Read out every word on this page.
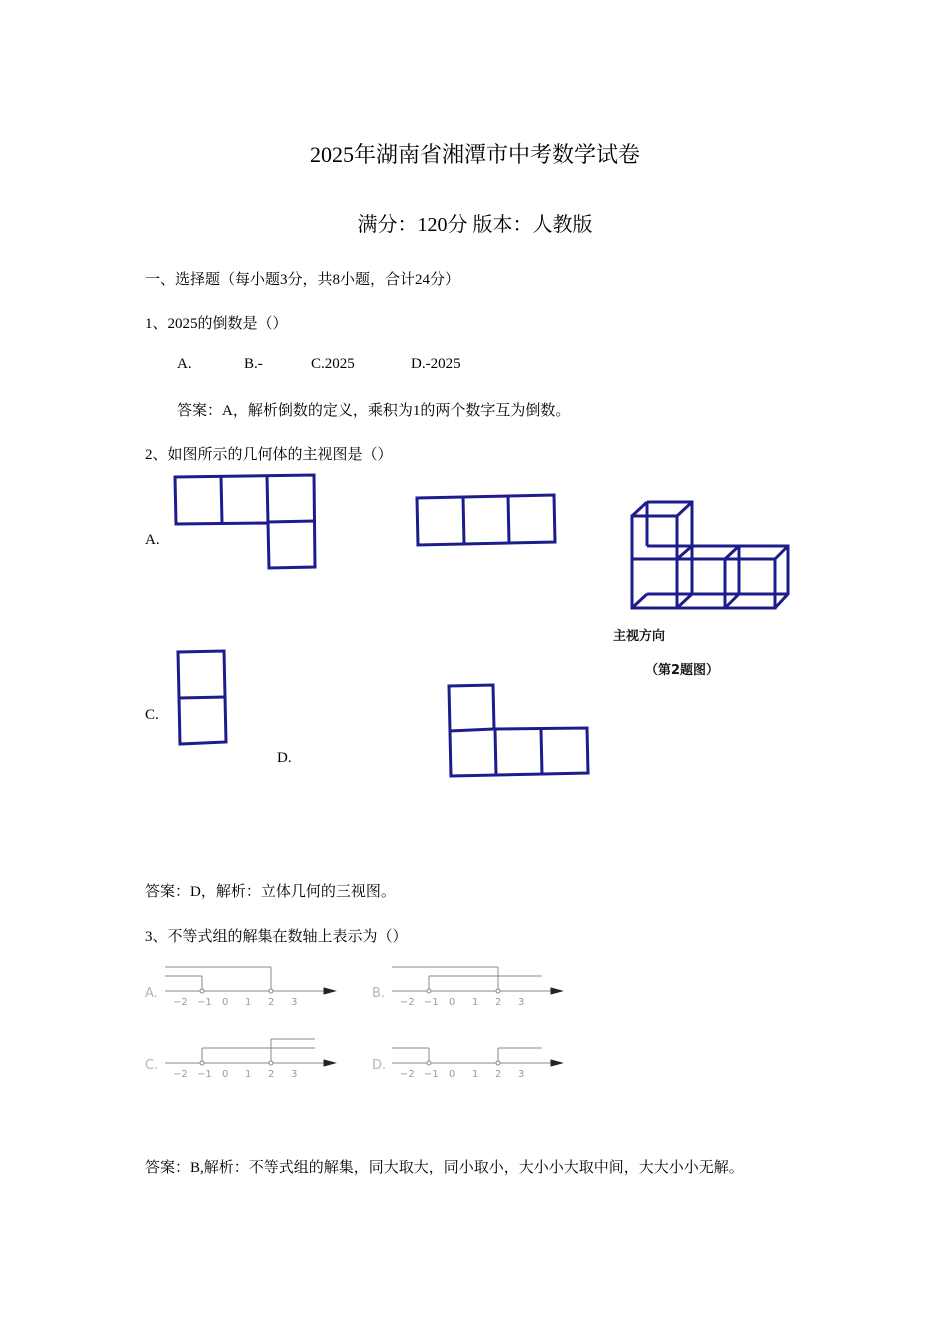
2025年湖南省湘潭市中考数学试卷
满分：120分 版本：人教版
一、选择题（每小题3分，共8小题，合计24分）
1、2025的倒数是（）
A.	B.-	C.2025	D.-2025
答案：A，解析倒数的定义，乘积为1的两个数字互为倒数。
2、如图所示的几何体的主视图是（）
A.
C.
D.
主视方向
（第2题图）
答案：D，解析：立体几何的三视图。
3、不等式组的解集在数轴上表示为（）
A.
−2 −1 0 1 2 3
B.
−2 −1 0 1 2 3
C.
−2 −1 0 1 2 3
D.
−2 −1 0 1 2 3
答案：B,解析：不等式组的解集，同大取大，同小取小，大小小大取中间，大大小小无解。
